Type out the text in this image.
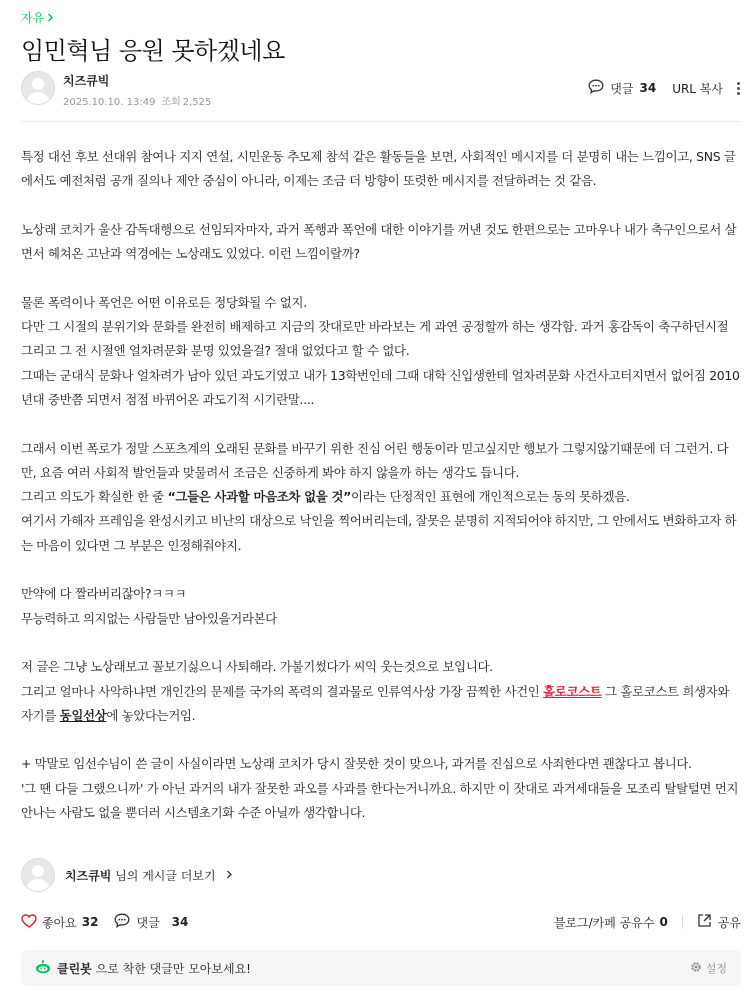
자유
임민혁님 응원 못하겠네요
치즈큐빅
2025.10.10. 13:49 조회 2,525
댓글 34 URL 복사

특정 대선 후보 선대위 참여나 지지 연설, 시민운동 추모제 참석 같은 활동들을 보면, 사회적인 메시지를 더 분명히 내는 느낌이고, SNS 글에서도 예전처럼 공개 질의나 제안 중심이 아니라, 이제는 조금 더 방향이 또렷한 메시지를 전달하려는 것 같음.

노상래 코치가 울산 감독대행으로 선임되자마자, 과거 폭행과 폭언에 대한 이야기를 꺼낸 것도 한편으로는 고마우나 내가 축구인으로서 살면서 헤쳐온 고난과 역경에는 노상래도 있었다. 이런 느낌이랄까?

물론 폭력이나 폭언은 어떤 이유로든 정당화될 수 없지.

다만 그 시절의 분위기와 문화를 완전히 배제하고 지금의 잣대로만 바라보는 게 과연 공정할까 하는 생각함. 과거 홍감독이 축구하던시절 그리고 그 전 시절엔 얼차려문화 분명 있었을걸? 절대 없었다고 할 수 없다.

그때는 군대식 문화나 얼차려가 남아 있던 과도기였고 내가 13학번인데 그때 대학 신입생한테 얼차려문화 사건사고터지면서 없어짐 2010년대 중반쯤 되면서 점점 바뀌어온 과도기적 시기란말....

그래서 이번 폭로가 정말 스포츠계의 오래된 문화를 바꾸기 위한 진심 어린 행동이라 믿고싶지만 행보가 그렇지않기때문에 더 그런거. 다만, 요즘 여러 사회적 발언들과 맞물려서 조금은 신중하게 봐야 하지 않을까 하는 생각도 듭니다.

그리고 의도가 확실한 한 줄 “그들은 사과할 마음조차 없을 것”이라는 단정적인 표현에 개인적으로는 동의 못하겠음.

여기서 가해자 프레임을 완성시키고 비난의 대상으로 낙인을 찍어버리는데, 잘못은 분명히 지적되어야 하지만, 그 안에서도 변화하고자 하는 마음이 있다면 그 부분은 인정해줘야지.

만약에 다 짤라버리잖아?ㅋㅋㅋ

무능력하고 의지없는 사람들만 남아있을거라본다

저 글은 그냥 노상래보고 꼴보기싫으니 사퇴해라. 가불기썼다가 씨익 웃는것으로 보입니다.

그리고 얼마나 사악하냐면 개인간의 문제를 국가의 폭력의 결과물로 인류역사상 가장 끔찍한 사건인 홀로코스트 그 홀로코스트 희생자와 자기를 동일선상에 놓았다는거임.

+ 막말로 임선수님이 쓴 글이 사실이라면 노상래 코치가 당시 잘못한 것이 맞으나, 과거를 진심으로 사죄한다면 괜찮다고 봅니다.

'그 땐 다들 그랬으니까' 가 아닌 과거의 내가 잘못한 과오를 사과를 한다는거니까요. 하지만 이 잣대로 과거세대들을 모조리 탈탈털면 먼지안나는 사람도 없을 뿐더러 시스템초기화 수준 아닐까 생각합니다.

치즈큐빅 님의 게시글 더보기
좋아요 32	댓글 34	블로그/카페 공유수 0	공유
클린봇 으로 착한 댓글만 모아보세요!	설정
